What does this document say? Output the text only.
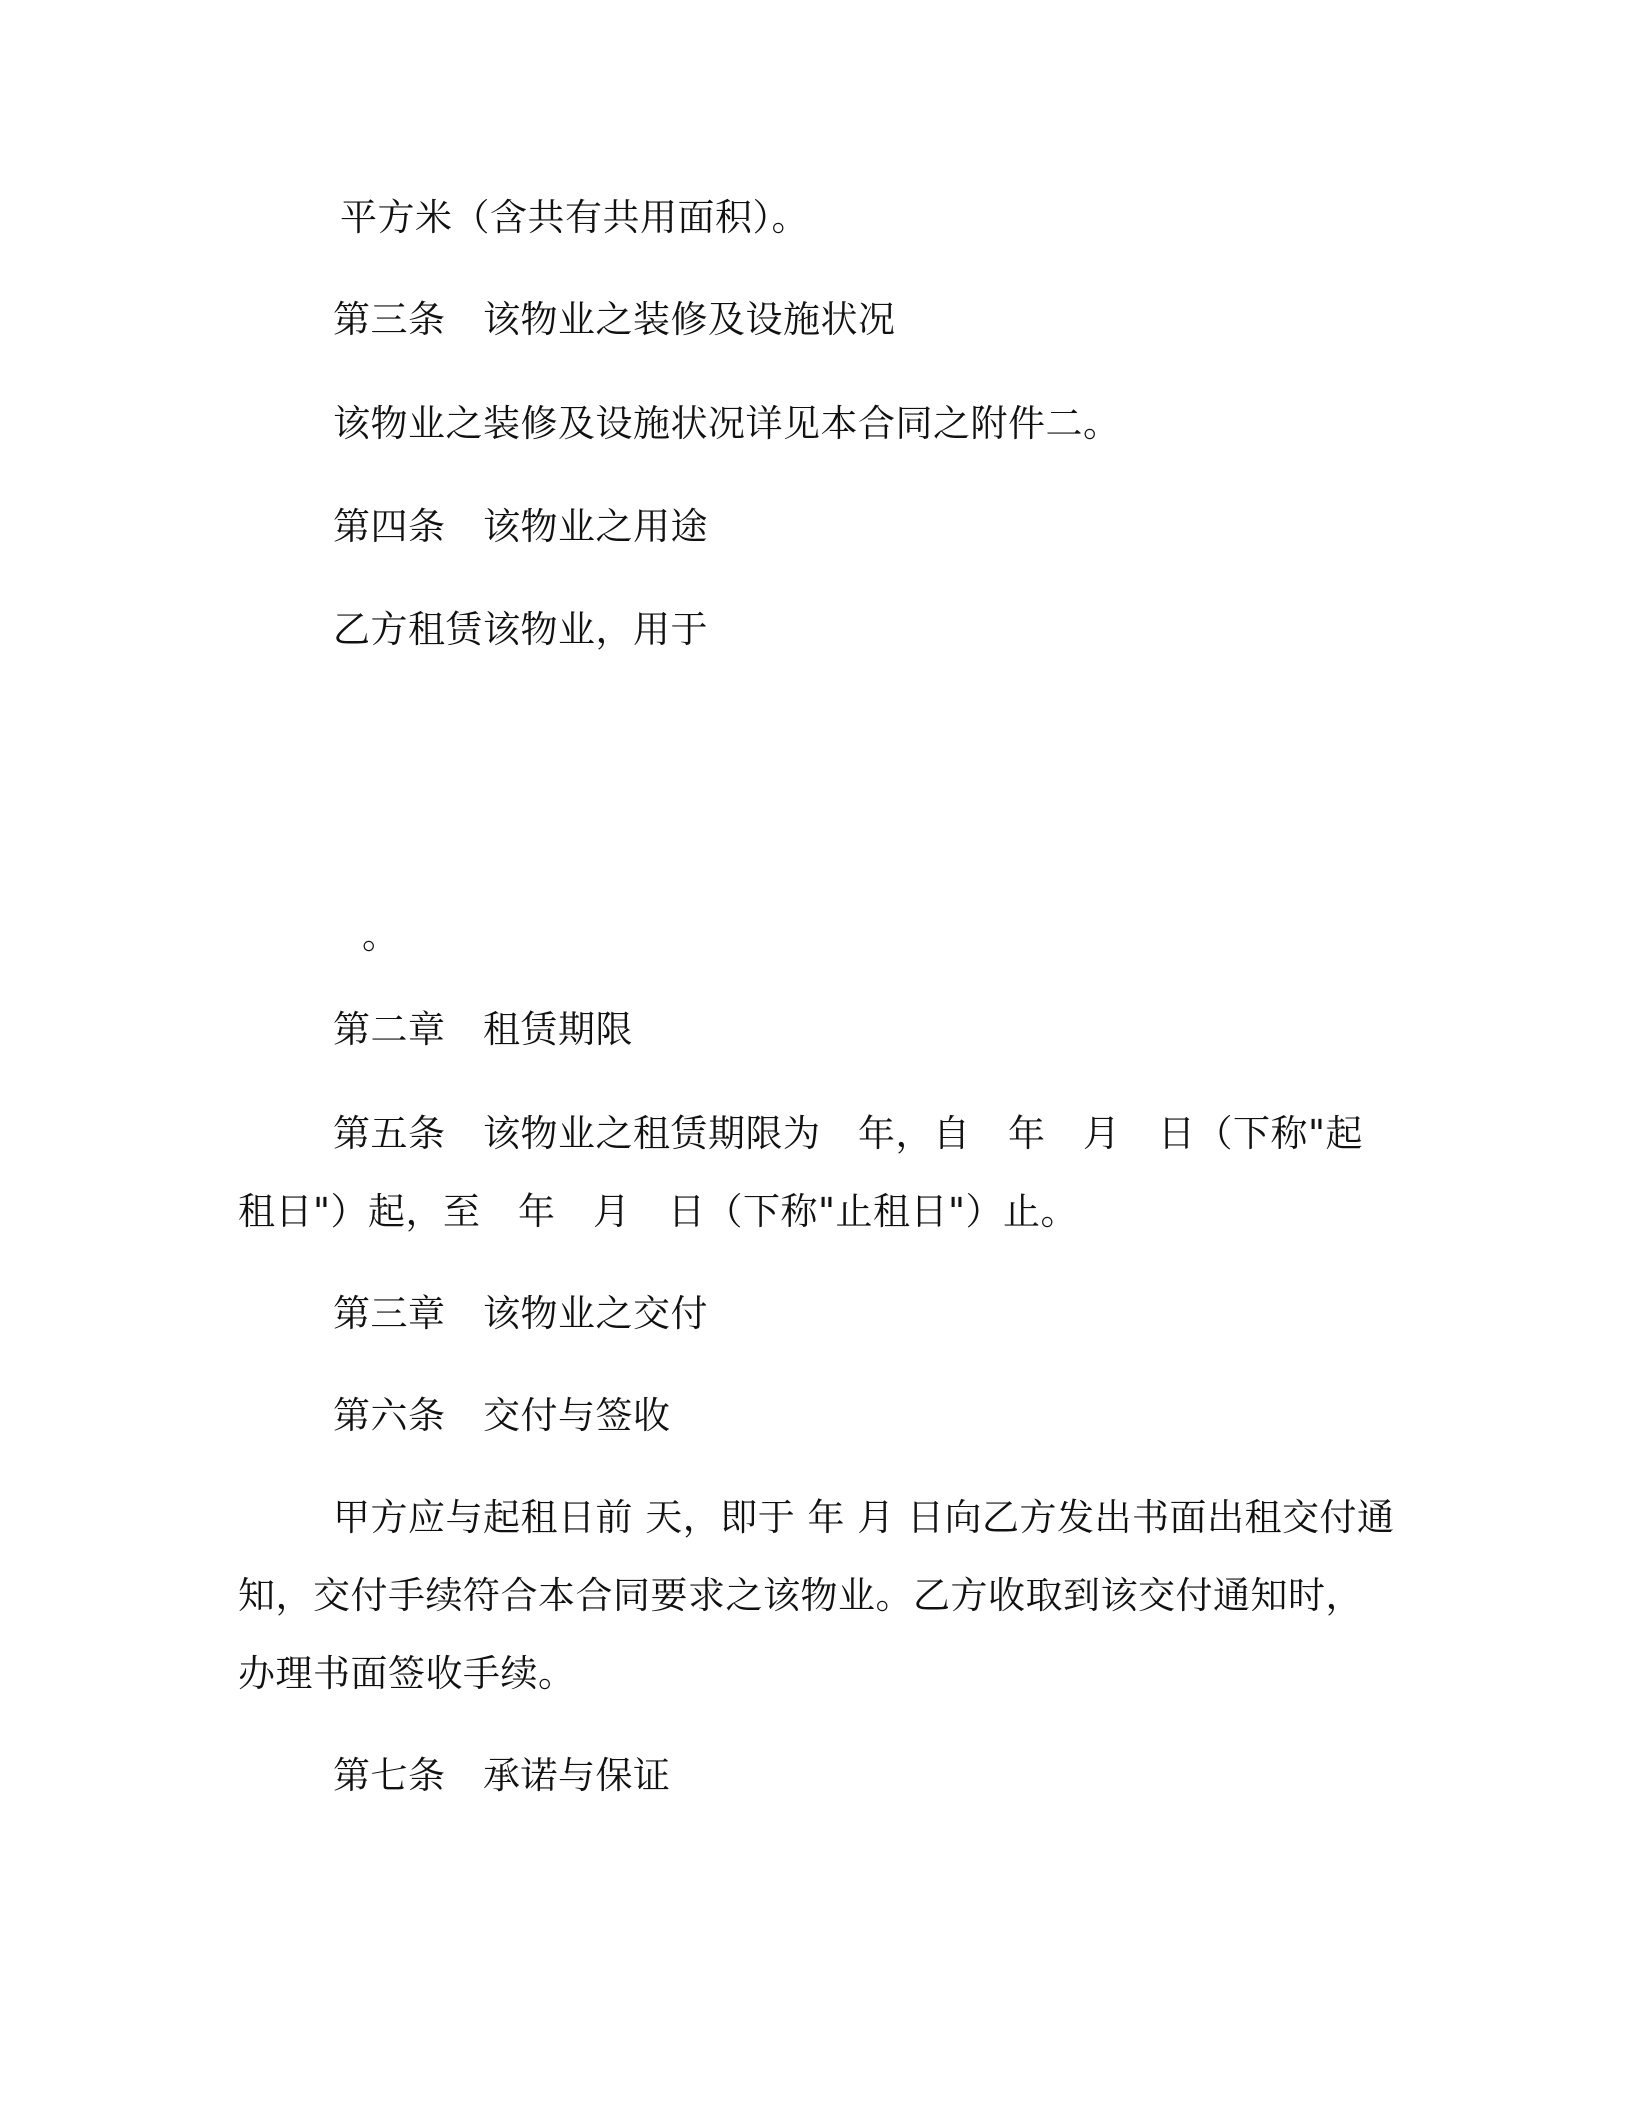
平方米（含共有共用面积）。
第三条　该物业之装修及设施状况
该物业之装修及设施状况详见本合同之附件二。
第四条　该物业之用途
乙方租赁该物业，用于
。
第二章　租赁期限
第五条　该物业之租赁期限为　年，自　年　月　日（下称"起
租日"）起，至　年　月　日（下称"止租日"）止。
第三章　该物业之交付
第六条　交付与签收
甲方应与起租日前 天，即于 年 月 日向乙方发出书面出租交付通
知，交付手续符合本合同要求之该物业。乙方收取到该交付通知时，
办理书面签收手续。
第七条　承诺与保证
